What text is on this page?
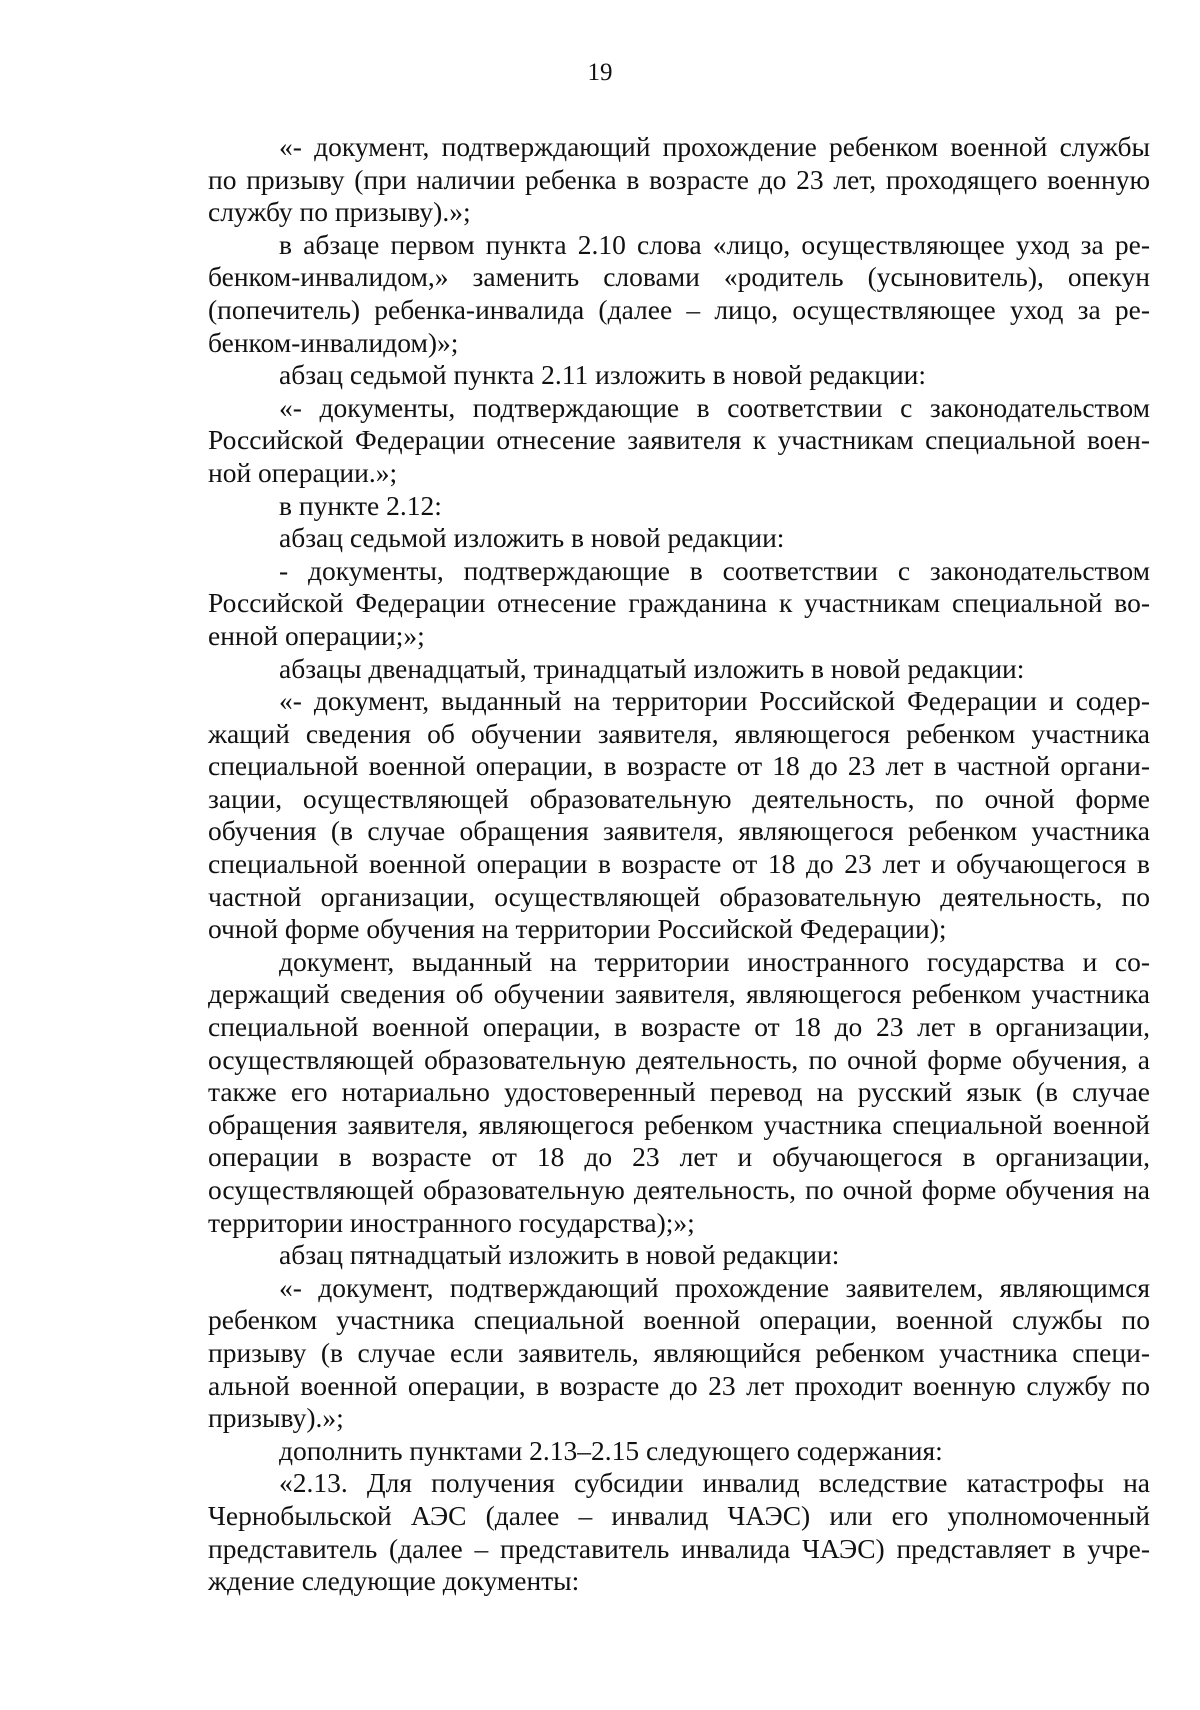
19

«- документ, подтверждающий прохождение ребенком военной службы по призыву (при наличии ребенка в возрасте до 23 лет, проходящего военную службу по призыву).»;

в абзаце первом пункта 2.10 слова «лицо, осуществляющее уход за ребенком-инвалидом,» заменить словами «родитель (усыновитель), опекун (попечитель) ребенка-инвалида (далее – лицо, осуществляющее уход за ребенком-инвалидом)»;

абзац седьмой пункта 2.11 изложить в новой редакции:

«- документы, подтверждающие в соответствии с законодательством Российской Федерации отнесение заявителя к участникам специальной военной операции.»;

в пункте 2.12:

абзац седьмой изложить в новой редакции:

- документы, подтверждающие в соответствии с законодательством Российской Федерации отнесение гражданина к участникам специальной военной операции;»;

абзацы двенадцатый, тринадцатый изложить в новой редакции:

«- документ, выданный на территории Российской Федерации и содержащий сведения об обучении заявителя, являющегося ребенком участника специальной военной операции, в возрасте от 18 до 23 лет в частной организации, осуществляющей образовательную деятельность, по очной форме обучения (в случае обращения заявителя, являющегося ребенком участника специальной военной операции в возрасте от 18 до 23 лет и обучающегося в частной организации, осуществляющей образовательную деятельность, по очной форме обучения на территории Российской Федерации);

документ, выданный на территории иностранного государства и содержащий сведения об обучении заявителя, являющегося ребенком участника специальной военной операции, в возрасте от 18 до 23 лет в организации, осуществляющей образовательную деятельность, по очной форме обучения, а также его нотариально удостоверенный перевод на русский язык (в случае обращения заявителя, являющегося ребенком участника специальной военной операции в возрасте от 18 до 23 лет и обучающегося в организации, осуществляющей образовательную деятельность, по очной форме обучения на территории иностранного государства);»;

абзац пятнадцатый изложить в новой редакции:

«- документ, подтверждающий прохождение заявителем, являющимся ребенком участника специальной военной операции, военной службы по призыву (в случае если заявитель, являющийся ребенком участника специальной военной операции, в возрасте до 23 лет проходит военную службу по призыву).»;

дополнить пунктами 2.13–2.15 следующего содержания:

«2.13. Для получения субсидии инвалид вследствие катастрофы на Чернобыльской АЭС (далее – инвалид ЧАЭС) или его уполномоченный представитель (далее – представитель инвалида ЧАЭС) представляет в учреждение следующие документы:
